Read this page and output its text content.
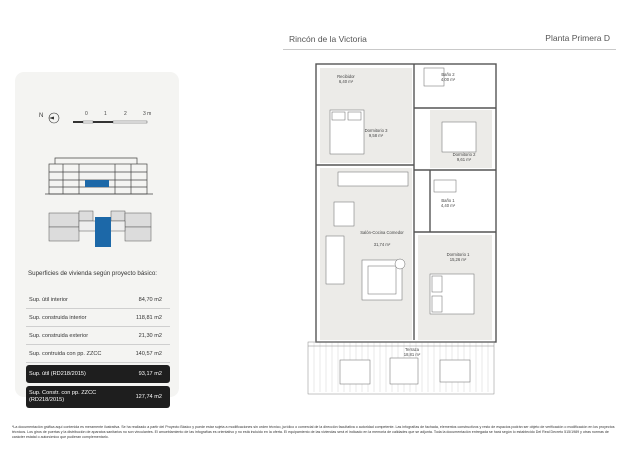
Rincón de la Victoria	Planta Primera D
N	0	1	2	3 m
Superficies de vivienda según proyecto básico:
Sup. útil interior	84,70 m2
Sup. construida interior	118,81 m2
Sup. construida exterior	21,30 m2
Sup. contruida con pp. ZZCC	140,57 m2
Sup. útil (RD218/2015)	93,17 m2
Sup. Constr. con pp. ZZCC (RD218/2015)	127,74 m2
Recibidor
6,40 m²
Baño 2
4,00 m²
Dormitorio 3
9,58 m²
Dormitorio 2
9,61 m²
Baño 1
4,40 m²
Salón-Cocina Comedor
31,74 m²
Dormitorio 1
15,26 m²
Terraza
18,81 m²
*La documentación gráfica aquí contenida es meramente ilustrativa. Se ha realizado a partir del Proyecto Básico y puede estar sujeta a modificaciones sin orden técnico, jurídico o comercial de la dirección facultativa o autoridad competente. Las infografías de fachada, elementos constructivos y resto de espacios podrán ser objeto de verificación o modificación en los proyectos técnicos. Los giros de puertas y la distribución de aparatos sanitarios no son vinculantes. El amueblamiento de las infografías es orientativo y no está incluido en la oferta. El equipamiento de las viviendas será el indicado en la memoria de calidades que se adjunta. Toda la documentación entregada se hará según lo establecido Del Real Decreto 515/1989 y otras normas de carácter estatal o autonómico que pudieran complementarlo.
